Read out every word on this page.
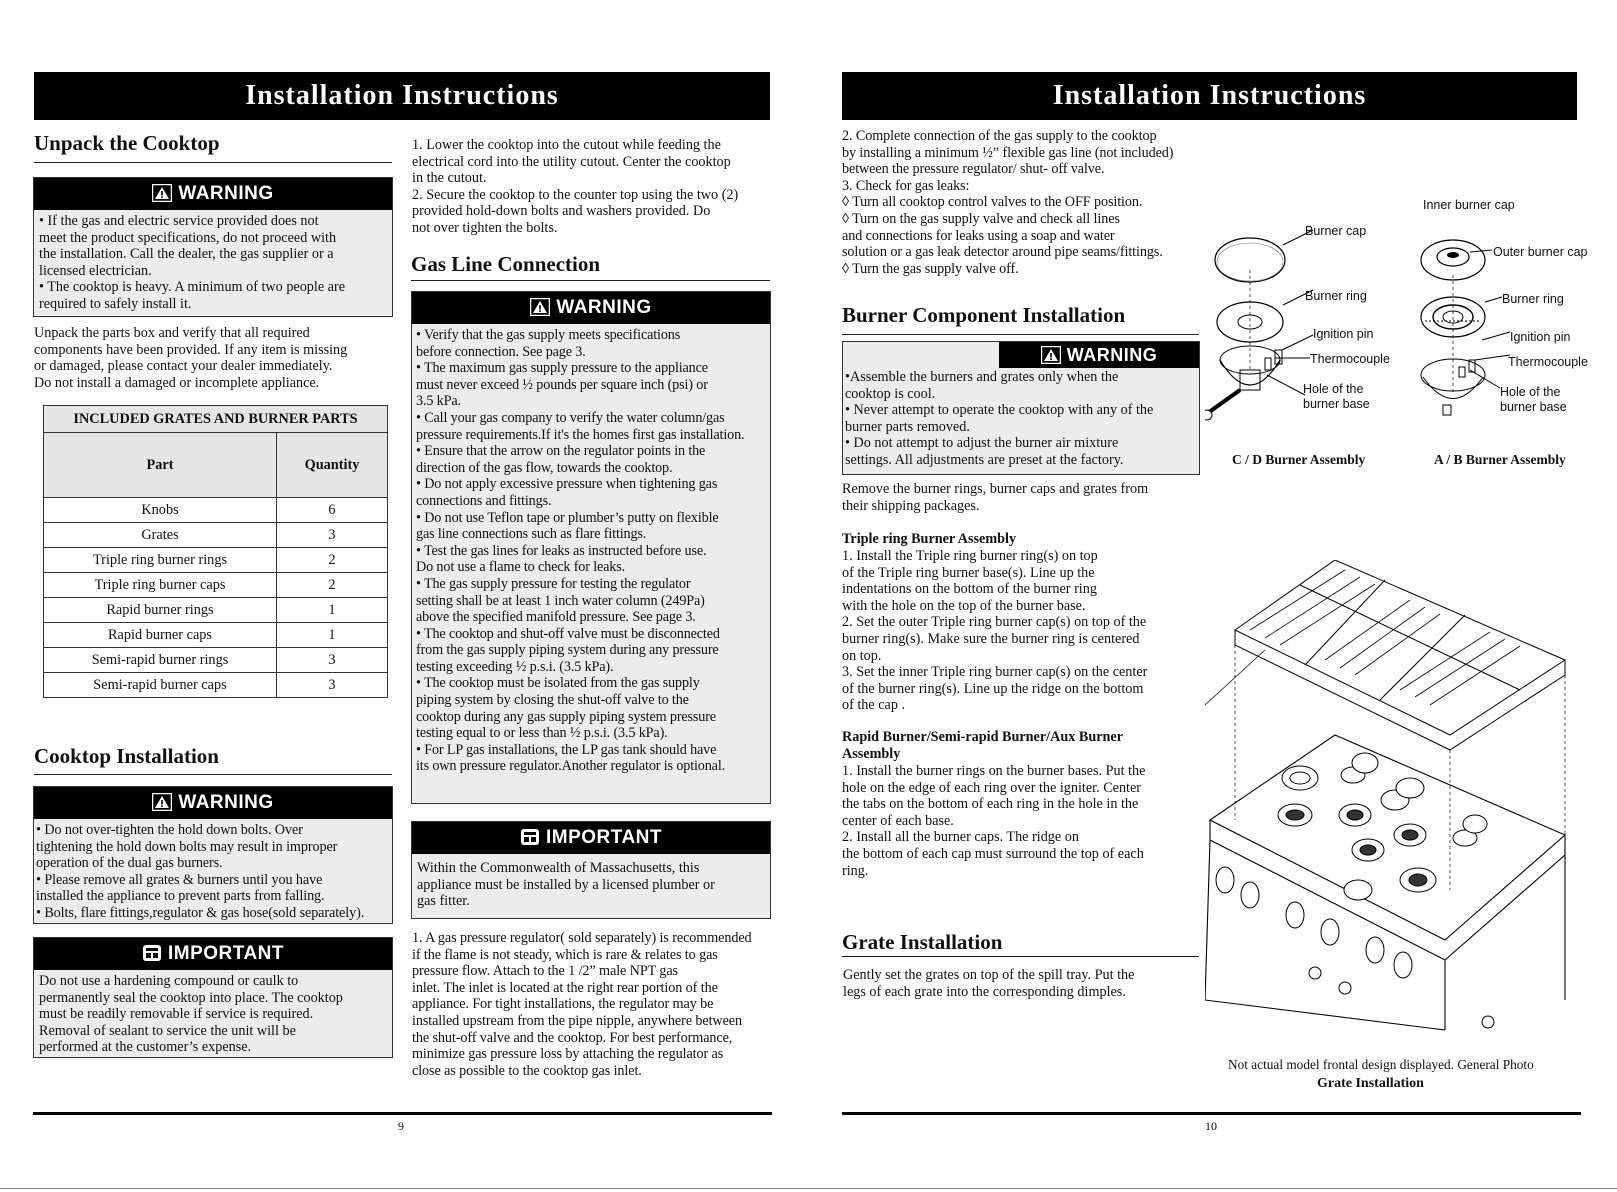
Installation Instructions
Unpack the Cooktop
WARNING
• If the gas and electric service provided does not
meet the product specifications, do not proceed with
the installation. Call the dealer, the gas supplier or a
licensed electrician.
• The cooktop is heavy. A minimum of two people are
required to safely install it.
Unpack the parts box and verify that all required
components have been provided. If any item is missing
or damaged, please contact your dealer immediately.
Do not install a damaged or incomplete appliance.
INCLUDED GRATES AND BURNER PARTS	
Part	Quantity
Knobs	6
Grates	3
Triple ring burner rings	2
Triple ring burner caps	2
Rapid burner rings	1
Rapid burner caps	1
Semi-rapid burner rings	3
Semi-rapid burner caps	3
Cooktop Installation
WARNING
• Do not over-tighten the hold down bolts. Over
tightening the hold down bolts may result in improper
operation of the dual gas burners.
• Please remove all grates & burners until you have
installed the appliance to prevent parts from falling.
• Bolts, flare fittings,regulator & gas hose(sold separately).
IMPORTANT
Do not use a hardening compound or caulk to
permanently seal the cooktop into place. The cooktop
must be readily removable if service is required.
Removal of sealant to service the unit will be
performed at the customer’s expense.
1. Lower the cooktop into the cutout while feeding the
electrical cord into the utility cutout. Center the cooktop
in the cutout.
2. Secure the cooktop to the counter top using the two (2)
provided hold-down bolts and washers provided. Do
not over tighten the bolts.
Gas Line Connection
WARNING
• Verify that the gas supply meets specifications
before connection. See page 3.
• The maximum gas supply pressure to the appliance
must never exceed ½ pounds per square inch (psi) or
3.5 kPa.
• Call your gas company to verify the water column/gas
pressure requirements.If it's the homes first gas installation.
• Ensure that the arrow on the regulator points in the
direction of the gas flow, towards the cooktop.
• Do not apply excessive pressure when tightening gas
connections and fittings.
• Do not use Teflon tape or plumber’s putty on flexible
gas line connections such as flare fittings.
• Test the gas lines for leaks as instructed before use.
Do not use a flame to check for leaks.
• The gas supply pressure for testing the regulator
setting shall be at least 1 inch water column (249Pa)
above the specified manifold pressure. See page 3.
• The cooktop and shut-off valve must be disconnected
from the gas supply piping system during any pressure
testing exceeding ½ p.s.i. (3.5 kPa).
• The cooktop must be isolated from the gas supply
piping system by closing the shut-off valve to the
cooktop during any gas supply piping system pressure
testing equal to or less than ½ p.s.i. (3.5 kPa).
• For LP gas installations, the LP gas tank should have
its own pressure regulator.Another regulator is optional.
IMPORTANT
Within the Commonwealth of Massachusetts, this
appliance must be installed by a licensed plumber or
gas fitter.
1. A gas pressure regulator( sold separately) is recommended
if the flame is not steady, which is rare & relates to gas
pressure flow. Attach to the 1 /2” male NPT gas
inlet. The inlet is located at the right rear portion of the
appliance. For tight installations, the regulator may be
installed upstream from the pipe nipple, anywhere between
the shut-off valve and the cooktop. For best performance,
minimize gas pressure loss by attaching the regulator as
close as possible to the cooktop gas inlet.
9
Installation Instructions
2. Complete connection of the gas supply to the cooktop
by installing a minimum ½” flexible gas line (not included)
between the pressure regulator/ shut- off valve.
3. Check for gas leaks:
◊ Turn all cooktop control valves to the OFF position.
◊ Turn on the gas supply valve and check all lines
and connections for leaks using a soap and water
solution or a gas leak detector around pipe seams/fittings.
◊ Turn the gas supply valve off.
Burner Component Installation
WARNING
•Assemble the burners and grates only when the
cooktop is cool.
• Never attempt to operate the cooktop with any of the
burner parts removed.
• Do not attempt to adjust the burner air mixture
settings. All adjustments are preset at the factory.
Remove the burner rings, burner caps and grates from
their shipping packages.
Triple ring Burner Assembly
1. Install the Triple ring burner ring(s) on top
of the Triple ring burner base(s). Line up the
indentations on the bottom of the burner ring
with the hole on the top of the burner base.
2. Set the outer Triple ring burner cap(s) on top of the
burner ring(s). Make sure the burner ring is centered
on top.
3. Set the inner Triple ring burner cap(s) on the center
of the burner ring(s). Line up the ridge on the bottom
of the cap .
Rapid Burner/Semi-rapid Burner/Aux Burner
Assembly
1. Install the burner rings on the burner bases. Put the
hole on the edge of each ring over the igniter. Center
the tabs on the bottom of each ring in the hole in the
center of each base.
2. Install all the burner caps. The ridge on
the bottom of each cap must surround the top of each
ring.
Grate Installation
Gently set the grates on top of the spill tray. Put the
legs of each grate into the corresponding dimples.
Burner cap
Burner ring
Ignition pin
Thermocouple
Hole of the
burner base
C / D Burner Assembly
Inner burner cap
Outer burner cap
Burner ring
Ignition pin
Thermocouple
Hole of the
burner base
A / B Burner Assembly
Not actual model frontal design displayed. General Photo
Grate Installation
10
